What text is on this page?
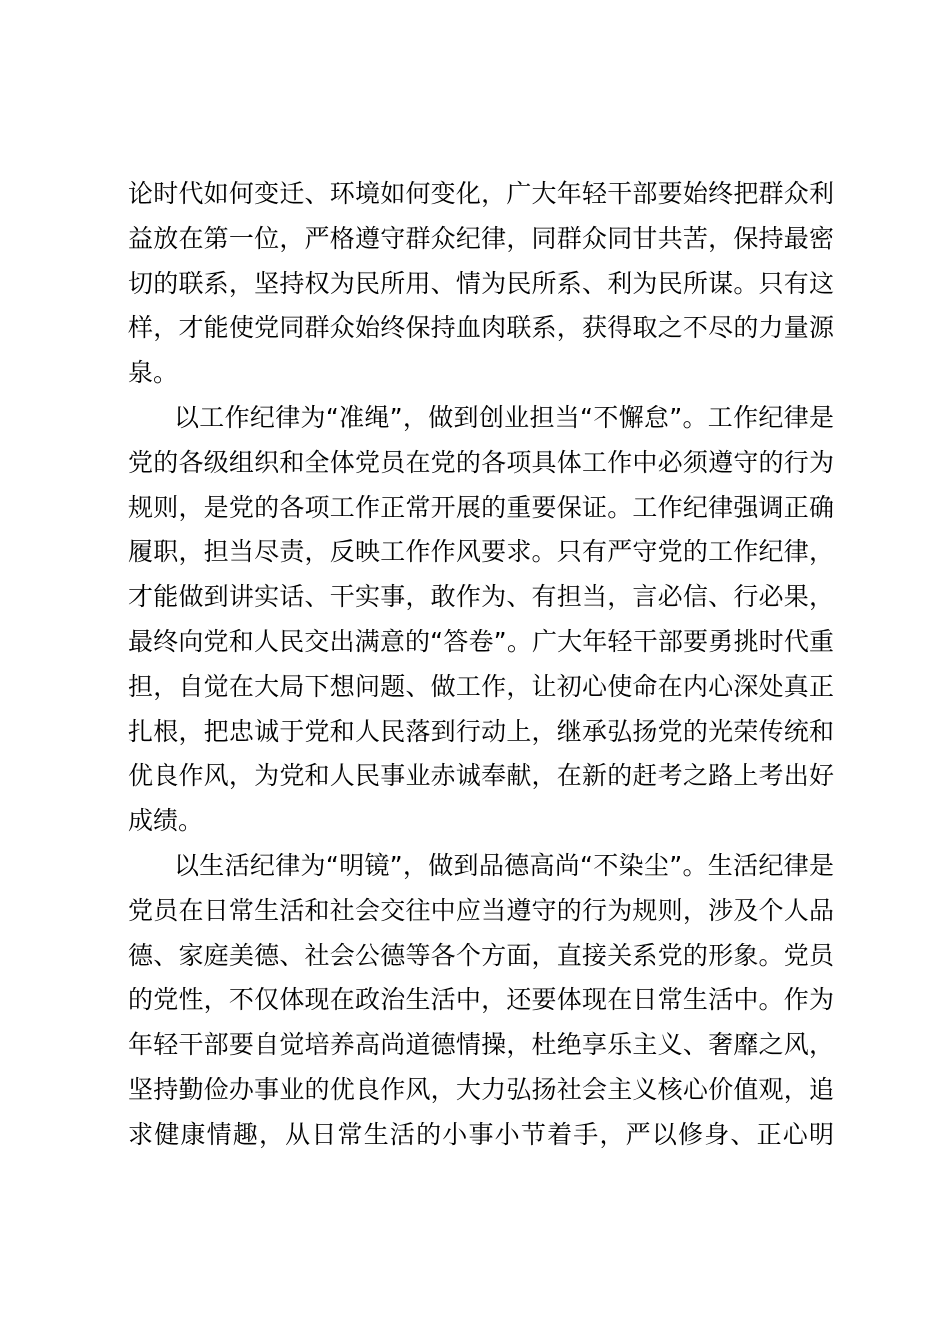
论时代如何变迁、环境如何变化，广大年轻干部要始终把群众利
益放在第一位，严格遵守群众纪律，同群众同甘共苦，保持最密
切的联系，坚持权为民所用、情为民所系、利为民所谋。只有这
样，才能使党同群众始终保持血肉联系，获得取之不尽的力量源
泉。
以工作纪律为“准绳”，做到创业担当“不懈怠”。工作纪律是
党的各级组织和全体党员在党的各项具体工作中必须遵守的行为
规则，是党的各项工作正常开展的重要保证。工作纪律强调正确
履职，担当尽责，反映工作作风要求。只有严守党的工作纪律，
才能做到讲实话、干实事，敢作为、有担当，言必信、行必果，
最终向党和人民交出满意的“答卷”。广大年轻干部要勇挑时代重
担，自觉在大局下想问题、做工作，让初心使命在内心深处真正
扎根，把忠诚于党和人民落到行动上，继承弘扬党的光荣传统和
优良作风，为党和人民事业赤诚奉献，在新的赶考之路上考出好
成绩。
以生活纪律为“明镜”，做到品德高尚“不染尘”。生活纪律是
党员在日常生活和社会交往中应当遵守的行为规则，涉及个人品
德、家庭美德、社会公德等各个方面，直接关系党的形象。党员
的党性，不仅体现在政治生活中，还要体现在日常生活中。作为
年轻干部要自觉培养高尚道德情操，杜绝享乐主义、奢靡之风，
坚持勤俭办事业的优良作风，大力弘扬社会主义核心价值观，追
求健康情趣，从日常生活的小事小节着手，严以修身、正心明
